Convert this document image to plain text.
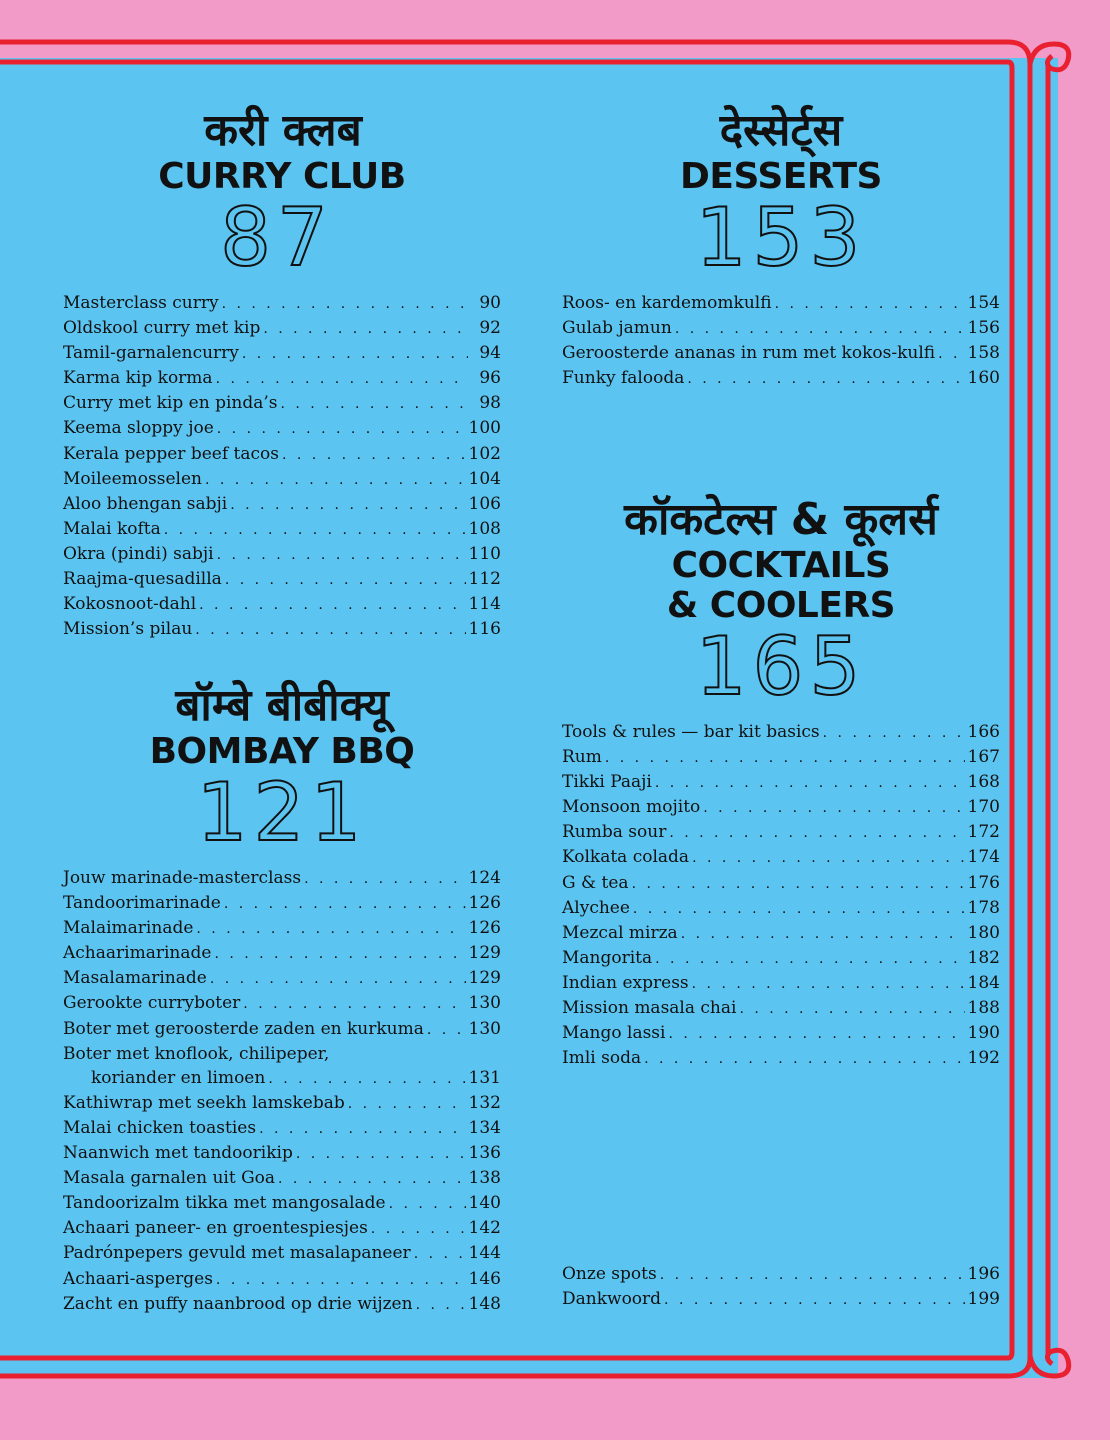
करी क्लब
CURRY CLUB
87
Masterclass curry . . .	90
Oldskool curry met kip . . .	92
Tamil-garnalencurry . . .	94
Karma kip korma . . .	96
Curry met kip en pinda’s . . .	98
Keema sloppy joe . . .	100
Kerala pepper beef tacos . . .	102
Moileemosselen . . .	104
Aloo bhengan sabji . . .	106
Malai kofta . . .	108
Okra (pindi) sabji . . .	110
Raajma-quesadilla . . .	112
Kokosnoot-dahl . . .	114
Mission’s pilau . . .	116
बॉम्बे बीबीक्यू
BOMBAY BBQ
121
Jouw marinade-masterclass . . .	124
Tandoorimarinade . . .	126
Malaimarinade . . .	126
Achaarimarinade . . .	129
Masalamarinade . . .	129
Gerookte curryboter . . .	130
Boter met geroosterde zaden en kurkuma . . .	130
Boter met knoflook, chilipeper,
koriander en limoen . . .	131
Kathiwrap met seekh lamskebab . . .	132
Malai chicken toasties . . .	134
Naanwich met tandoorikip . . .	136
Masala garnalen uit Goa . . .	138
Tandoorizalm tikka met mangosalade . . .	140
Achaari paneer- en groentespiesjes . . .	142
Padrónpepers gevuld met masalapaneer . . .	144
Achaari-asperges . . .	146
Zacht en puffy naanbrood op drie wijzen . . .	148
देस्सेर्ट्स
DESSERTS
153
Roos- en kardemomkulfi . . .	154
Gulab jamun . . .	156
Geroosterde ananas in rum met kokos-kulfi . . . 158
Funky falooda . . .	160
कॉकटेल्स & कूलर्स
COCKTAILS
& COOLERS
165
Tools & rules — bar kit basics . . .	166
Rum . . .	167
Tikki Paaji . . .	168
Monsoon mojito . . .	170
Rumba sour . . .	172
Kolkata colada . . .	174
G & tea . . .	176
Alychee . . .	178
Mezcal mirza . . .	180
Mangorita . . .	182
Indian express . . .	184
Mission masala chai . . .	188
Mango lassi . . .	190
Imli soda . . .	192
Onze spots . . .	196
Dankwoord . . .	199
